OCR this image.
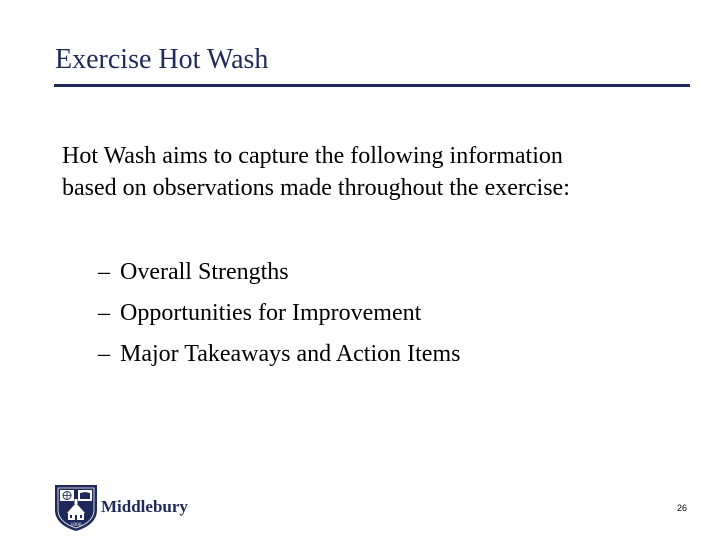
Exercise Hot Wash
Hot Wash aims to capture the following information
based on observations made throughout the exercise:
– Overall Strengths
– Opportunities for Improvement
– Major Takeaways and Action Items
1800
Middlebury	26
